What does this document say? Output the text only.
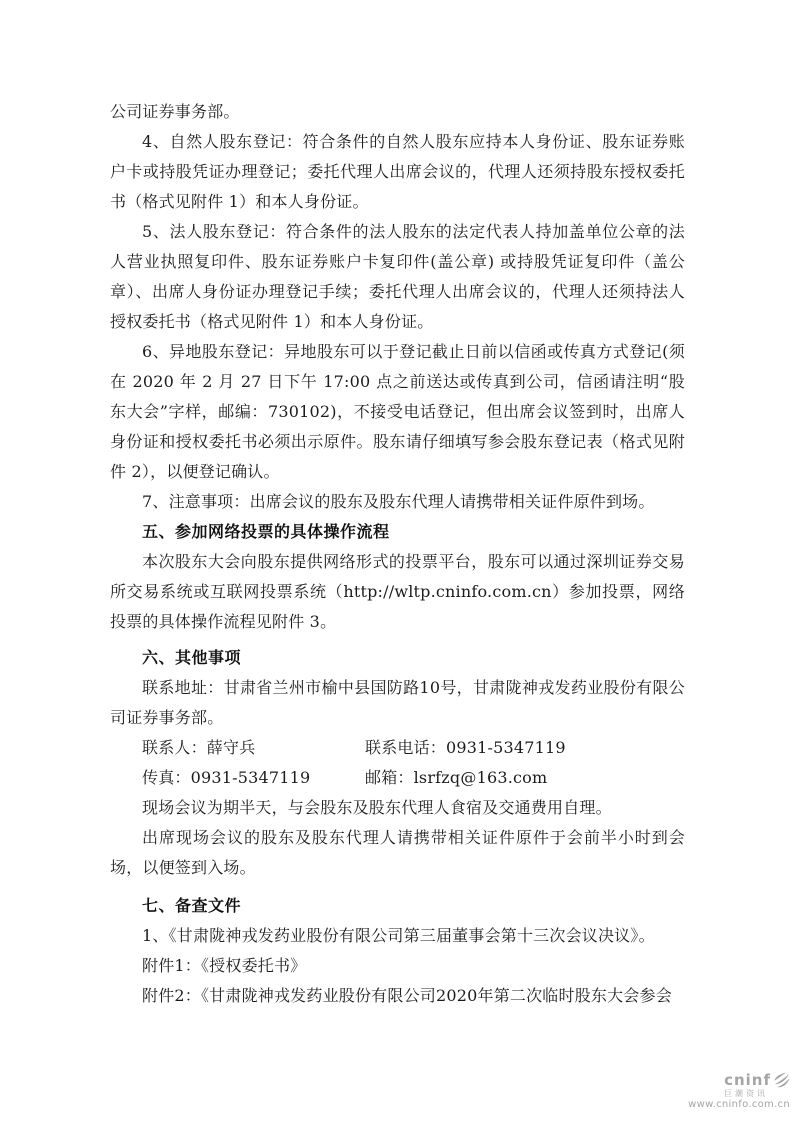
公司证券事务部。

4、自然人股东登记：符合条件的自然人股东应持本人身份证、股东证券账户卡或持股凭证办理登记；委托代理人出席会议的，代理人还须持股东授权委托书（格式见附件 1）和本人身份证。

5、法人股东登记：符合条件的法人股东的法定代表人持加盖单位公章的法人营业执照复印件、股东证券账户卡复印件(盖公章) 或持股凭证复印件（盖公章）、出席人身份证办理登记手续；委托代理人出席会议的，代理人还须持法人授权委托书（格式见附件 1）和本人身份证。

6、异地股东登记：异地股东可以于登记截止日前以信函或传真方式登记(须在 2020 年 2 月 27 日下午 17:00 点之前送达或传真到公司，信函请注明“股东大会”字样，邮编：730102)，不接受电话登记，但出席会议签到时，出席人身份证和授权委托书必须出示原件。股东请仔细填写参会股东登记表（格式见附件 2），以便登记确认。

7、注意事项：出席会议的股东及股东代理人请携带相关证件原件到场。

五、参加网络投票的具体操作流程

本次股东大会向股东提供网络形式的投票平台，股东可以通过深圳证券交易所交易系统或互联网投票系统（http://wltp.cninfo.com.cn）参加投票，网络投票的具体操作流程见附件 3。

六、其他事项

联系地址：甘肃省兰州市榆中县国防路10号，甘肃陇神戎发药业股份有限公司证券事务部。

联系人：薛守兵	联系电话：0931-5347119
传真：0931-5347119	邮箱：lsrfzq@163.com

现场会议为期半天，与会股东及股东代理人食宿及交通费用自理。

出席现场会议的股东及股东代理人请携带相关证件原件于会前半小时到会场，以便签到入场。

七、备查文件

1、《甘肃陇神戎发药业股份有限公司第三届董事会第十三次会议决议》。

附件1：《授权委托书》

附件2：《甘肃陇神戎发药业股份有限公司2020年第二次临时股东大会参会

cninf
巨潮资讯
www.cninfo.com.cn
